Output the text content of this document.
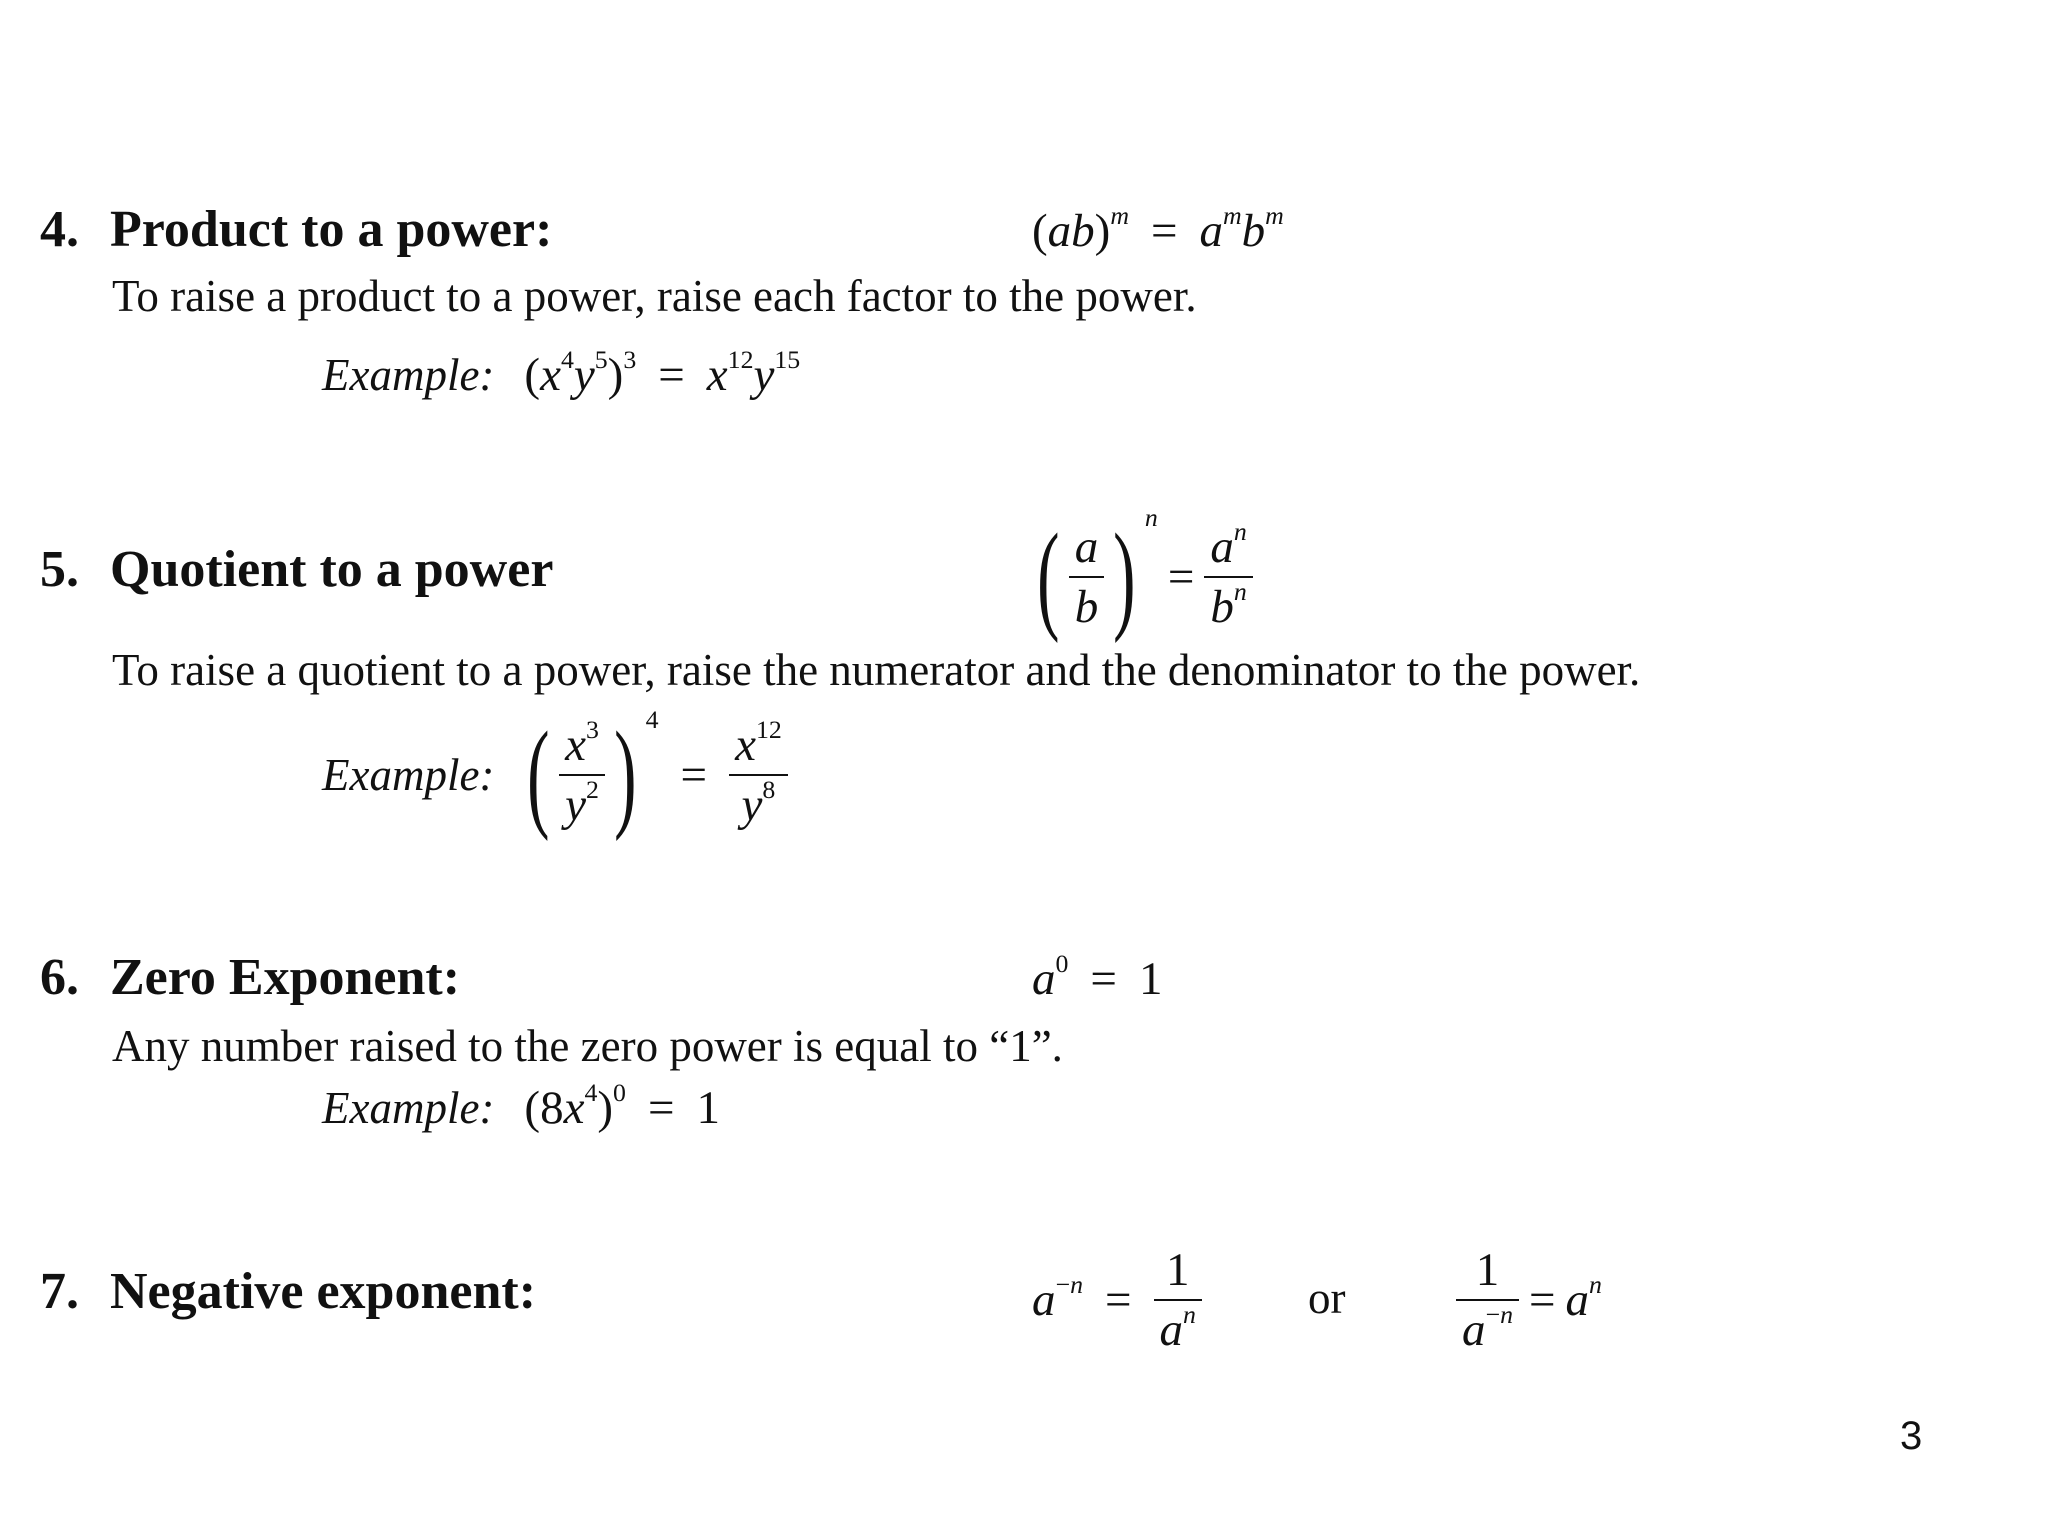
4. Product to a power:	$(ab)^m = a^mb^m$
To raise a product to a power, raise each factor to the power.
Example: $(x^4y^5)^3 = x^{12}y^{15}$
5. Quotient to a power	( $\frac{a}{b}$ ) n
= $\frac{a^n}{b^n}$
To raise a quotient to a power, raise the numerator and the denominator to the power.
Example: ( $\frac{x^3}{y^2}$ ) 4
= $\frac{x^{12}}{y^8}$
6. Zero Exponent:	$a^0 = 1$
Any number raised to the zero power is equal to “1”.
Example: $(8x^4)^0 = 1$
7. Negative exponent:	$a^{-n} = \frac{1}{a^n}$ or $\frac{1}{a^{-n}} = a^n$
3
